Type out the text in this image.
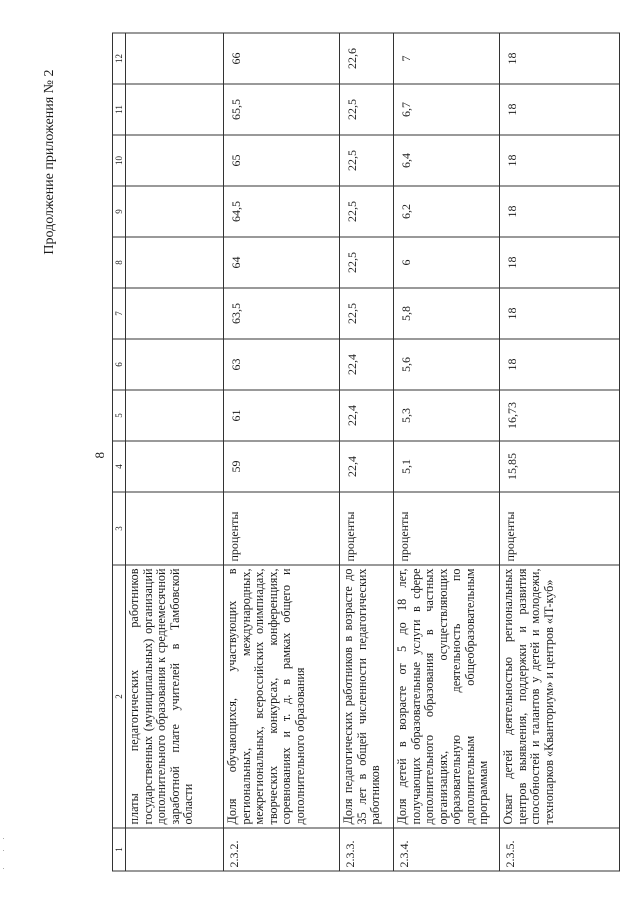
Продолжение приложения № 2
8
1	2	3	4	5	6	7	8	9	10	11	12
	платы педагогических работников государственных (муниципальных) организаций дополнительного образования к среднемесячной заработной плате учителей в Тамбовской области										
2.3.2.	Доля обучающихся, участвующих в региональных, международных, межрегиональных, всероссийских олимпиадах, творческих конкурсах, конференциях, соревнованиях и т. д. в рамках общего и дополнительного образования	проценты	59	61	63	63,5	64	64,5	65	65,5	66
2.3.3.	Доля педагогических работников в возрасте до 35 лет в общей численности педагогических работников	проценты	22,4	22,4	22,4	22,5	22,5	22,5	22,5	22,5	22,6
2.3.4.	Доля детей в возрасте от 5 до 18 лет, получающих образовательные услуги в сфере дополнительного образования в частных организациях, осуществляющих образовательную деятельность по дополнительным общеобразовательным программам	проценты	5,1	5,3	5,6	5,8	6	6,2	6,4	6,7	7
2.3.5.	Охват детей деятельностью региональных центров выявления, поддержки и развития способностей и талантов у детей и молодежи, технопарков «Кванториум» и центров «IT-куб»	проценты	15,85	16,73	18	18	18	18	18	18	18
